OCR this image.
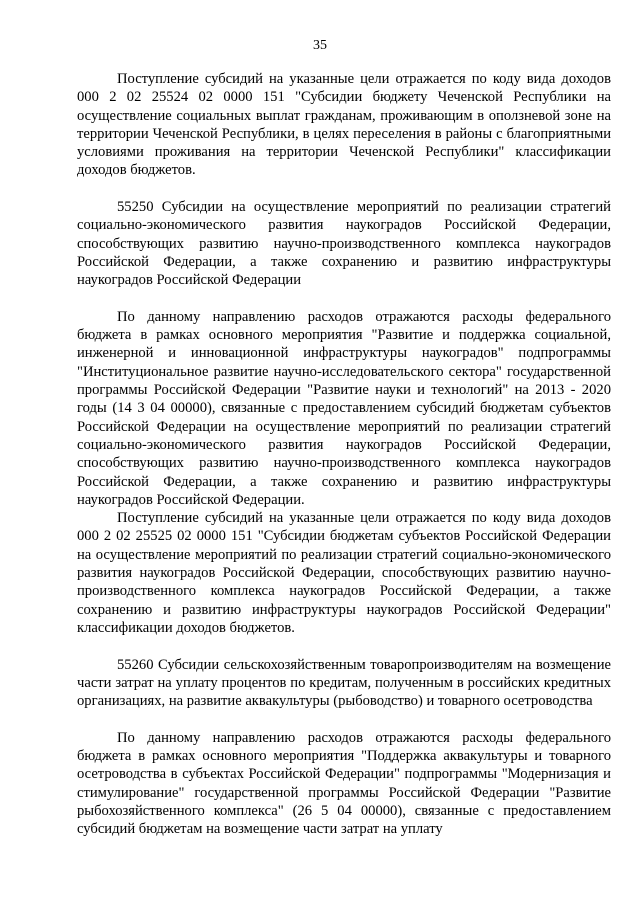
35

Поступление субсидий на указанные цели отражается по коду вида доходов 000 2 02 25524 02 0000 151 "Субсидии бюджету Чеченской Республики на осуществление социальных выплат гражданам, проживающим в оползневой зоне на территории Чеченской Республики, в целях переселения в районы с благоприятными условиями проживания на территории Чеченской Республики" классификации доходов бюджетов.

55250 Субсидии на осуществление мероприятий по реализации стратегий социально-экономического развития наукоградов Российской Федерации, способствующих развитию научно-производственного комплекса наукоградов Российской Федерации, а также сохранению и развитию инфраструктуры наукоградов Российской Федерации

По данному направлению расходов отражаются расходы федерального бюджета в рамках основного мероприятия "Развитие и поддержка социальной, инженерной и инновационной инфраструктуры наукоградов" подпрограммы "Институциональное развитие научно-исследовательского сектора" государственной программы Российской Федерации "Развитие науки и технологий" на 2013 - 2020 годы (14 3 04 00000), связанные с предоставлением субсидий бюджетам субъектов Российской Федерации на осуществление мероприятий по реализации стратегий социально-экономического развития наукоградов Российской Федерации, способствующих развитию научно-производственного комплекса наукоградов Российской Федерации, а также сохранению и развитию инфраструктуры наукоградов Российской Федерации.

Поступление субсидий на указанные цели отражается по коду вида доходов 000 2 02 25525 02 0000 151 "Субсидии бюджетам субъектов Российской Федерации на осуществление мероприятий по реализации стратегий социально-экономического развития наукоградов Российской Федерации, способствующих развитию научно-производственного комплекса наукоградов Российской Федерации, а также сохранению и развитию инфраструктуры наукоградов Российской Федерации" классификации доходов бюджетов.

55260 Субсидии сельскохозяйственным товаропроизводителям на возмещение части затрат на уплату процентов по кредитам, полученным в российских кредитных организациях, на развитие аквакультуры (рыбоводство) и товарного осетроводства

По данному направлению расходов отражаются расходы федерального бюджета в рамках основного мероприятия "Поддержка аквакультуры и товарного осетроводства в субъектах Российской Федерации" подпрограммы "Модернизация и стимулирование" государственной программы Российской Федерации "Развитие рыбохозяйственного комплекса" (26 5 04 00000), связанные с предоставлением субсидий бюджетам на возмещение части затрат на уплату
